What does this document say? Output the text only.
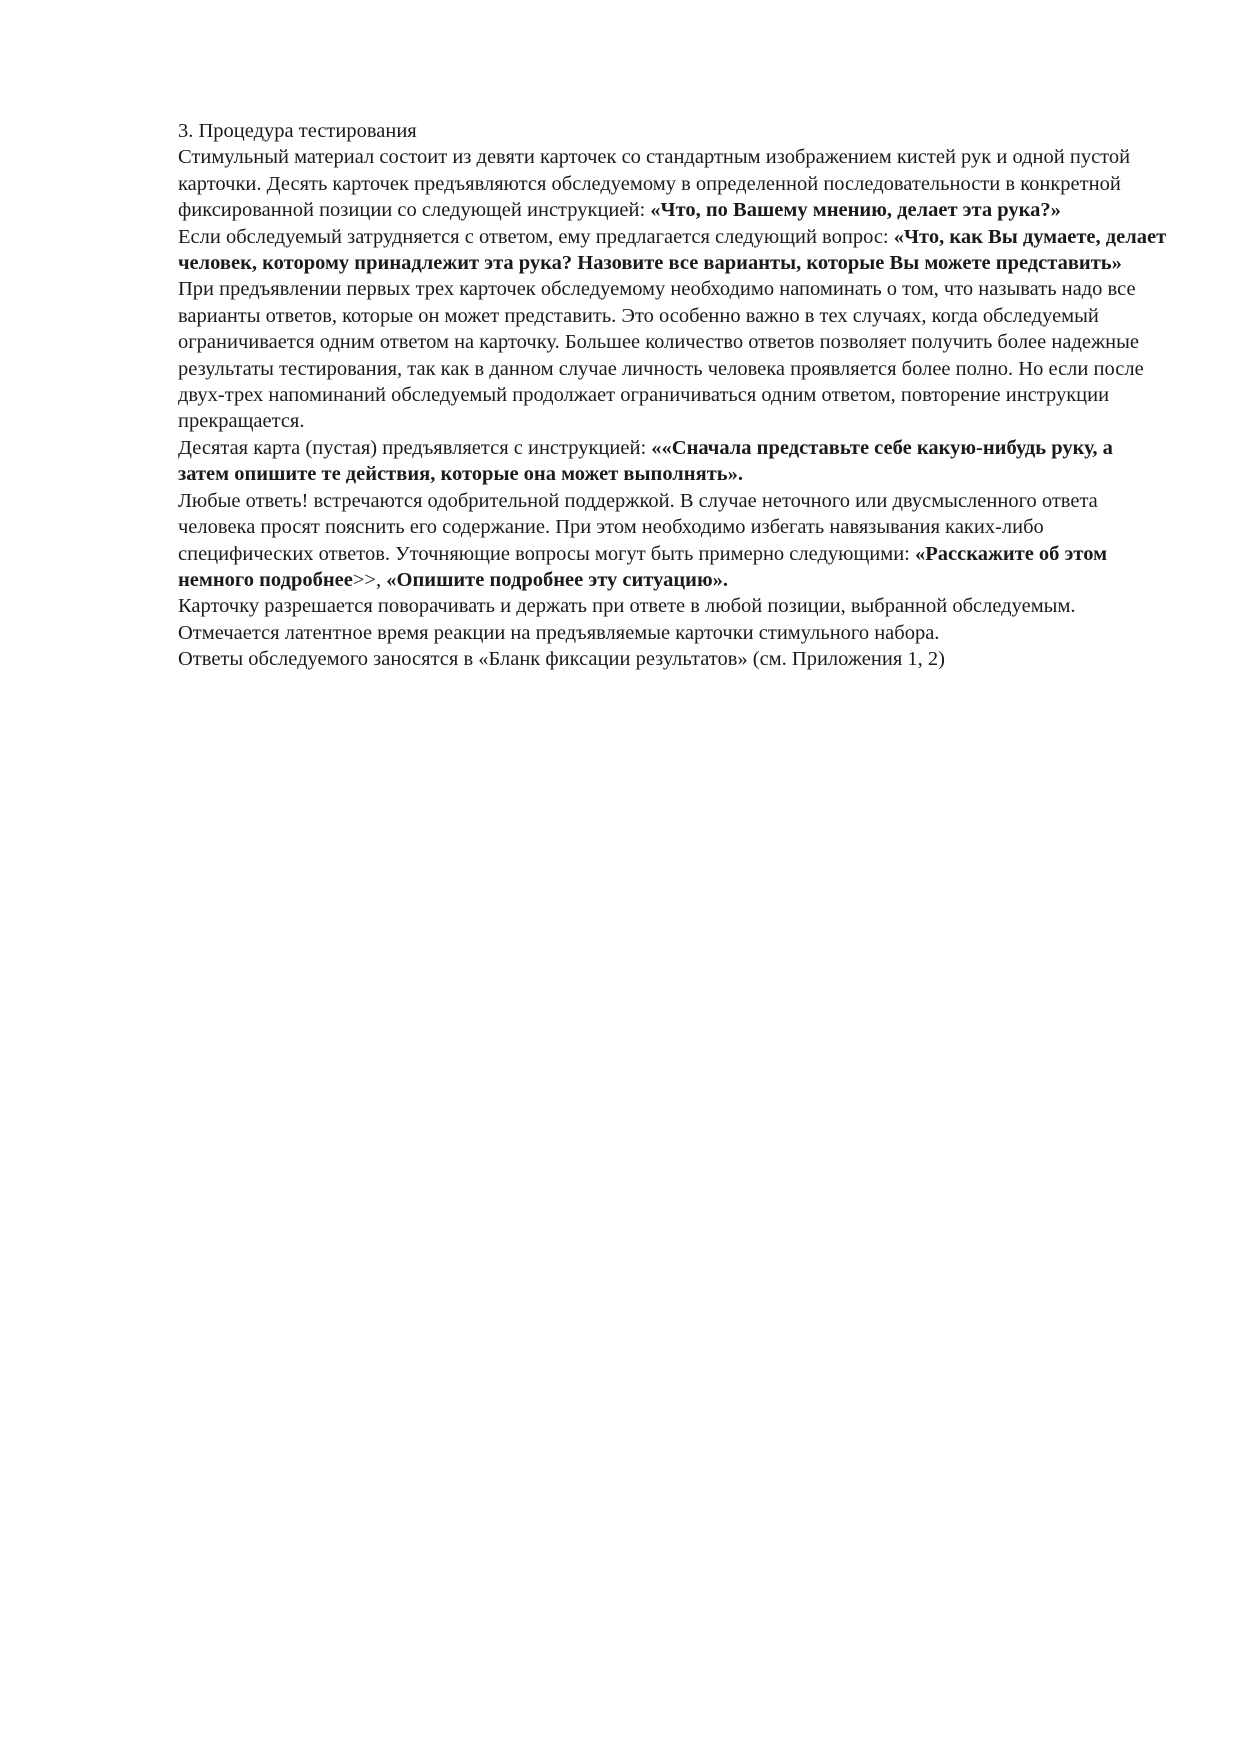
3. Процедура тестирования

Стимульный материал состоит из девяти карточек со стандартным изображением кистей рук и одной пустой карточки. Десять карточек предъявляются обследуемому в определенной последовательности в конкретной фиксированной позиции со следующей инструкцией: «Что, по Вашему мнению, делает эта рука?»

Если обследуемый затрудняется с ответом, ему предлагается следующий вопрос: «Что, как Вы думаете, делает человек, которому принадлежит эта рука? Назовите все варианты, которые Вы можете представить»

При предъявлении первых трех карточек обследуемому необходимо напоминать о том, что называть надо все варианты ответов, которые он может представить. Это особенно важно в тех случаях, когда обследуемый ограничивается одним ответом на карточку. Большее количество ответов позволяет получить более надежные результаты тестирования, так как в данном случае личность человека проявляется более полно. Но если после двух-трех напоминаний обследуемый продолжает ограничиваться одним ответом, повторение инструкции прекращается.

Десятая карта (пустая) предъявляется с инструкцией: ««Сначала представьте себе какую-нибудь руку, а затем опишите те действия, которые она может выполнять».

Любые ответь! встречаются одобрительной поддержкой. В случае неточного или двусмысленного ответа человека просят пояснить его содержание. При этом необходимо избегать навязывания каких-либо специфических ответов. Уточняющие вопросы могут быть примерно следующими: «Расскажите об этом немного подробнее>>, «Опишите подробнее эту ситуацию».

Карточку разрешается поворачивать и держать при ответе в любой позиции, выбранной обследуемым. Отмечается латентное время реакции на предъявляемые карточки стимульного набора.

Ответы обследуемого заносятся в «Бланк фиксации результатов» (см. Приложения 1, 2)
